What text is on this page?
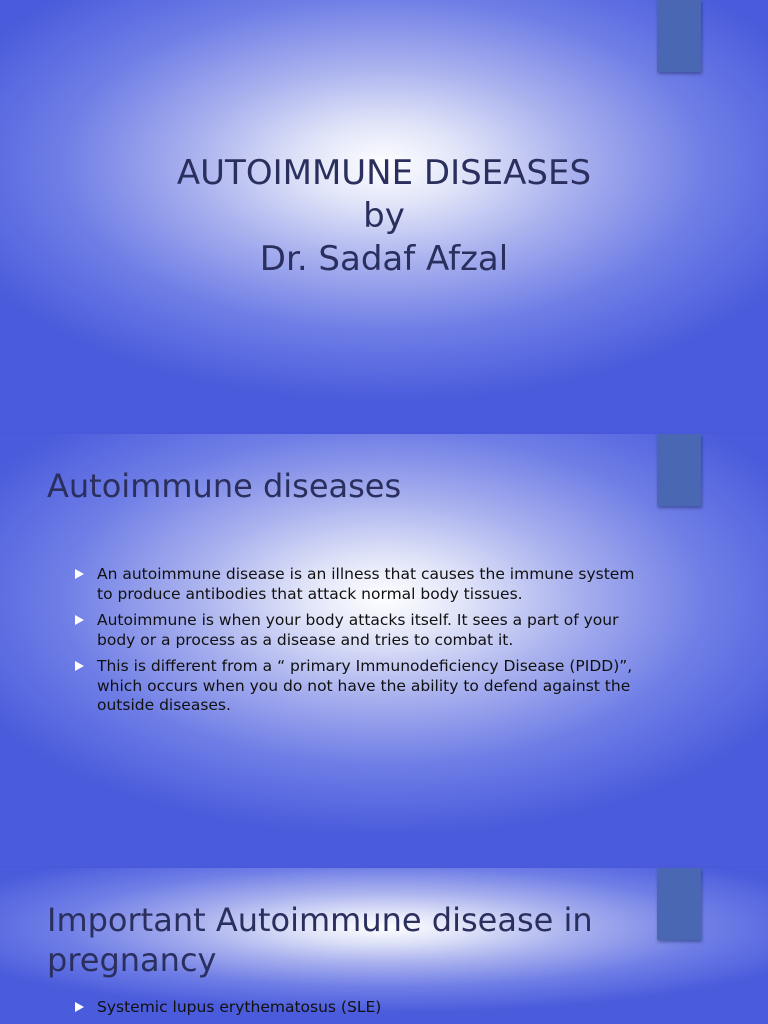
AUTOIMMUNE DISEASES
by
Dr. Sadaf Afzal
Autoimmune diseases
An autoimmune disease is an illness that causes the immune system to produce antibodies that attack normal body tissues.
Autoimmune is when your body attacks itself. It sees a part of your body or a process as a disease and tries to combat it.
This is different from a “ primary Immunodeficiency Disease (PIDD)”, which occurs when you do not have the ability to defend against the outside diseases.
Important Autoimmune disease in pregnancy
Systemic lupus erythematosus (SLE)
